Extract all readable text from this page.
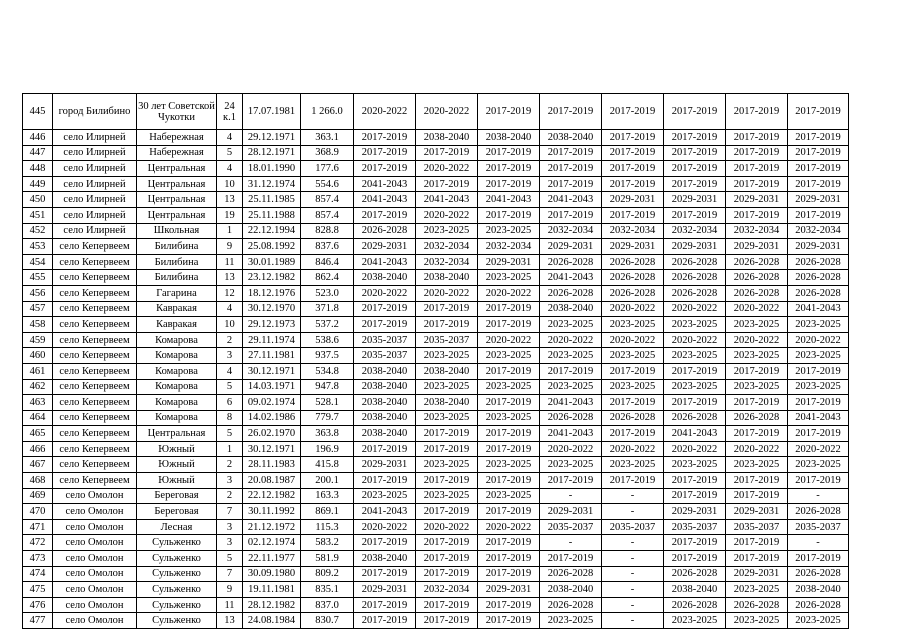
445	город Билибино	30 лет Советской Чукотки	24 к.1	17.07.1981	1 266.0	2020-2022	2020-2022	2017-2019	2017-2019	2017-2019	2017-2019	2017-2019	2017-2019
446	село Илирней	Набережная	4	29.12.1971	363.1	2017-2019	2038-2040	2038-2040	2038-2040	2017-2019	2017-2019	2017-2019	2017-2019
447	село Илирней	Набережная	5	28.12.1971	368.9	2017-2019	2017-2019	2017-2019	2017-2019	2017-2019	2017-2019	2017-2019	2017-2019
448	село Илирней	Центральная	4	18.01.1990	177.6	2017-2019	2020-2022	2017-2019	2017-2019	2017-2019	2017-2019	2017-2019	2017-2019
449	село Илирней	Центральная	10	31.12.1974	554.6	2041-2043	2017-2019	2017-2019	2017-2019	2017-2019	2017-2019	2017-2019	2017-2019
450	село Илирней	Центральная	13	25.11.1985	857.4	2041-2043	2041-2043	2041-2043	2041-2043	2029-2031	2029-2031	2029-2031	2029-2031
451	село Илирней	Центральная	19	25.11.1988	857.4	2017-2019	2020-2022	2017-2019	2017-2019	2017-2019	2017-2019	2017-2019	2017-2019
452	село Илирней	Школьная	1	22.12.1994	828.8	2026-2028	2023-2025	2023-2025	2032-2034	2032-2034	2032-2034	2032-2034	2032-2034
453	село Кепервеем	Билибина	9	25.08.1992	837.6	2029-2031	2032-2034	2032-2034	2029-2031	2029-2031	2029-2031	2029-2031	2029-2031
454	село Кепервеем	Билибина	11	30.01.1989	846.4	2041-2043	2032-2034	2029-2031	2026-2028	2026-2028	2026-2028	2026-2028	2026-2028
455	село Кепервеем	Билибина	13	23.12.1982	862.4	2038-2040	2038-2040	2023-2025	2041-2043	2026-2028	2026-2028	2026-2028	2026-2028
456	село Кепервеем	Гагарина	12	18.12.1976	523.0	2020-2022	2020-2022	2020-2022	2026-2028	2026-2028	2026-2028	2026-2028	2026-2028
457	село Кепервеем	Кавракая	4	30.12.1970	371.8	2017-2019	2017-2019	2017-2019	2038-2040	2020-2022	2020-2022	2020-2022	2041-2043
458	село Кепервеем	Кавракая	10	29.12.1973	537.2	2017-2019	2017-2019	2017-2019	2023-2025	2023-2025	2023-2025	2023-2025	2023-2025
459	село Кепервеем	Комарова	2	29.11.1974	538.6	2035-2037	2035-2037	2020-2022	2020-2022	2020-2022	2020-2022	2020-2022	2020-2022
460	село Кепервеем	Комарова	3	27.11.1981	937.5	2035-2037	2023-2025	2023-2025	2023-2025	2023-2025	2023-2025	2023-2025	2023-2025
461	село Кепервеем	Комарова	4	30.12.1971	534.8	2038-2040	2038-2040	2017-2019	2017-2019	2017-2019	2017-2019	2017-2019	2017-2019
462	село Кепервеем	Комарова	5	14.03.1971	947.8	2038-2040	2023-2025	2023-2025	2023-2025	2023-2025	2023-2025	2023-2025	2023-2025
463	село Кепервеем	Комарова	6	09.02.1974	528.1	2038-2040	2038-2040	2017-2019	2041-2043	2017-2019	2017-2019	2017-2019	2017-2019
464	село Кепервеем	Комарова	8	14.02.1986	779.7	2038-2040	2023-2025	2023-2025	2026-2028	2026-2028	2026-2028	2026-2028	2041-2043
465	село Кепервеем	Центральная	5	26.02.1970	363.8	2038-2040	2017-2019	2017-2019	2041-2043	2017-2019	2041-2043	2017-2019	2017-2019
466	село Кепервеем	Южный	1	30.12.1971	196.9	2017-2019	2017-2019	2017-2019	2020-2022	2020-2022	2020-2022	2020-2022	2020-2022
467	село Кепервеем	Южный	2	28.11.1983	415.8	2029-2031	2023-2025	2023-2025	2023-2025	2023-2025	2023-2025	2023-2025	2023-2025
468	село Кепервеем	Южный	3	20.08.1987	200.1	2017-2019	2017-2019	2017-2019	2017-2019	2017-2019	2017-2019	2017-2019	2017-2019
469	село Омолон	Береговая	2	22.12.1982	163.3	2023-2025	2023-2025	2023-2025	-	-	2017-2019	2017-2019	-
470	село Омолон	Береговая	7	30.11.1992	869.1	2041-2043	2017-2019	2017-2019	2029-2031	-	2029-2031	2029-2031	2026-2028
471	село Омолон	Лесная	3	21.12.1972	115.3	2020-2022	2020-2022	2020-2022	2035-2037	2035-2037	2035-2037	2035-2037	2035-2037
472	село Омолон	Сульженко	3	02.12.1974	583.2	2017-2019	2017-2019	2017-2019	-	-	2017-2019	2017-2019	-
473	село Омолон	Сульженко	5	22.11.1977	581.9	2038-2040	2017-2019	2017-2019	2017-2019	-	2017-2019	2017-2019	2017-2019
474	село Омолон	Сульженко	7	30.09.1980	809.2	2017-2019	2017-2019	2017-2019	2026-2028	-	2026-2028	2029-2031	2026-2028
475	село Омолон	Сульженко	9	19.11.1981	835.1	2029-2031	2032-2034	2029-2031	2038-2040	-	2038-2040	2023-2025	2038-2040
476	село Омолон	Сульженко	11	28.12.1982	837.0	2017-2019	2017-2019	2017-2019	2026-2028	-	2026-2028	2026-2028	2026-2028
477	село Омолон	Сульженко	13	24.08.1984	830.7	2017-2019	2017-2019	2017-2019	2023-2025	-	2023-2025	2023-2025	2023-2025
